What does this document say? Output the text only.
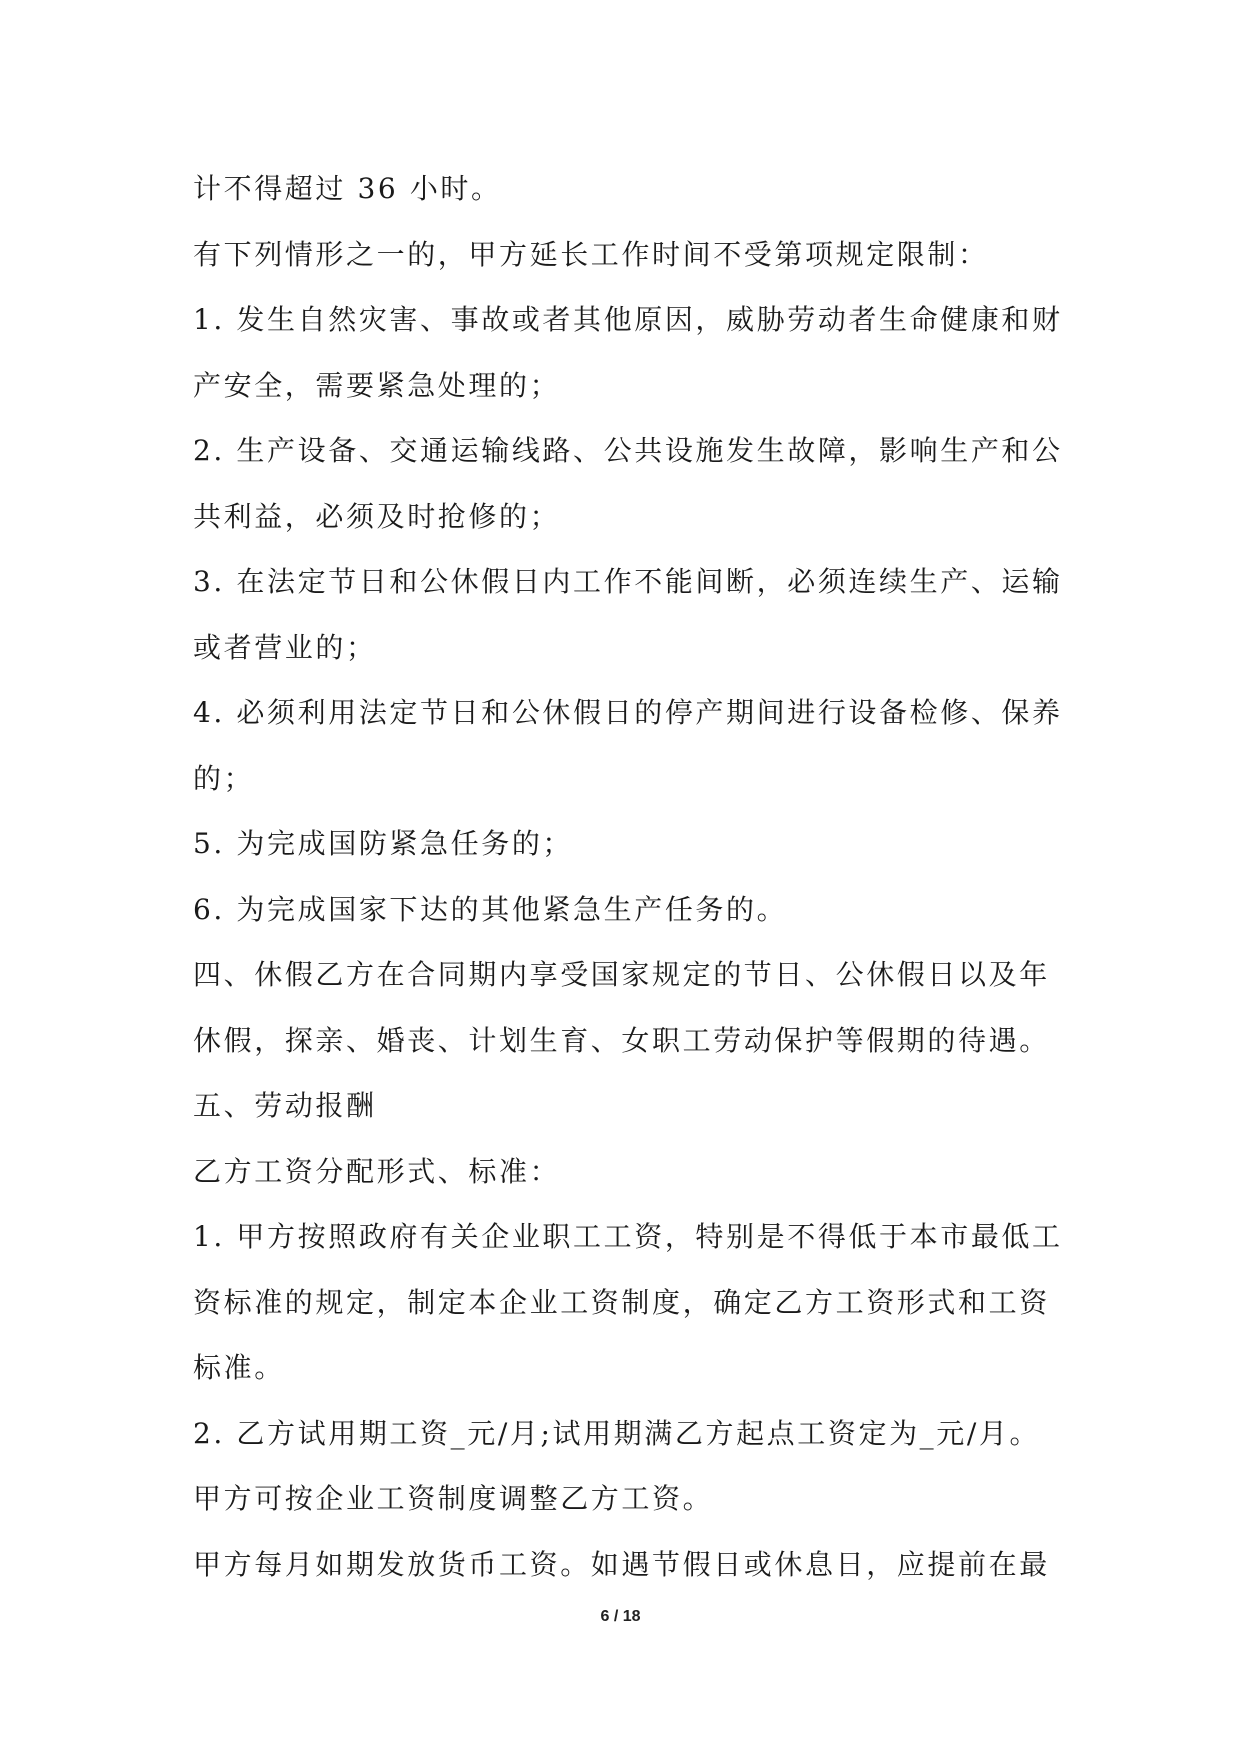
计不得超过 36 小时。
有下列情形之一的，甲方延长工作时间不受第项规定限制：
1. 发生自然灾害、事故或者其他原因，威胁劳动者生命健康和财
产安全，需要紧急处理的；
2. 生产设备、交通运输线路、公共设施发生故障，影响生产和公
共利益，必须及时抢修的；
3. 在法定节日和公休假日内工作不能间断，必须连续生产、运输
或者营业的；
4. 必须利用法定节日和公休假日的停产期间进行设备检修、保养
的；
5. 为完成国防紧急任务的；
6. 为完成国家下达的其他紧急生产任务的。
四、休假乙方在合同期内享受国家规定的节日、公休假日以及年
休假，探亲、婚丧、计划生育、女职工劳动保护等假期的待遇。
五、劳动报酬
乙方工资分配形式、标准：
1. 甲方按照政府有关企业职工工资，特别是不得低于本市最低工
资标准的规定，制定本企业工资制度，确定乙方工资形式和工资
标准。
2. 乙方试用期工资_元/月;试用期满乙方起点工资定为_元/月。
甲方可按企业工资制度调整乙方工资。
甲方每月如期发放货币工资。如遇节假日或休息日，应提前在最
6 / 18
